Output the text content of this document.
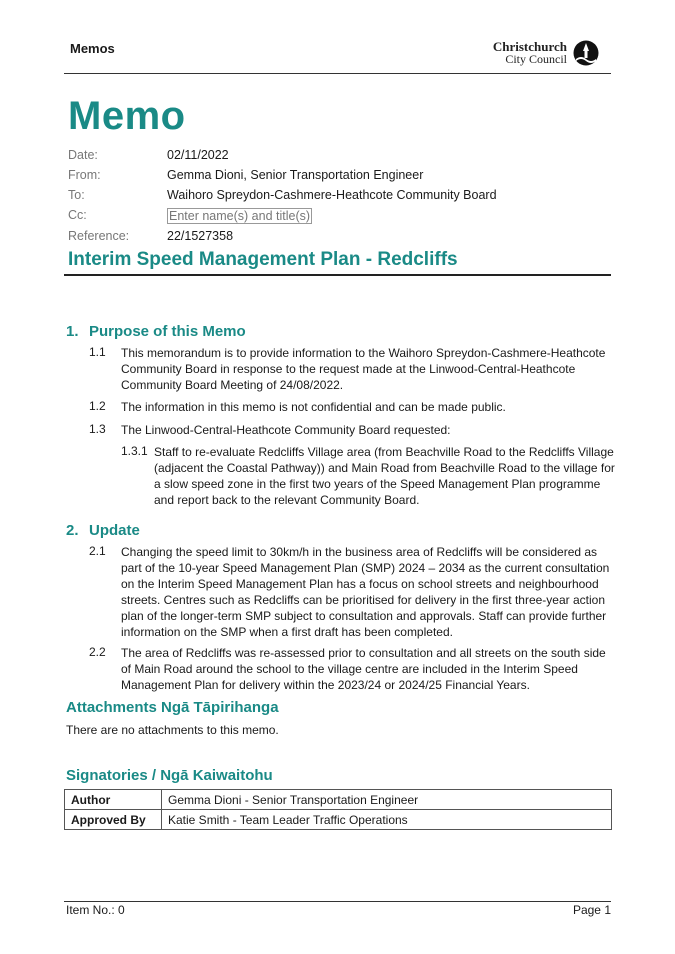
Memos	Christchurch
City Council
Memo
Date:	02/11/2022
From:	Gemma Dioni, Senior Transportation Engineer
To:	Waihoro Spreydon-Cashmere-Heathcote Community Board
Cc:	Enter name(s) and title(s)
Reference:	22/1527358
Interim Speed Management Plan - Redcliffs
1. Purpose of this Memo
1.1 This memorandum is to provide information to the Waihoro Spreydon-Cashmere-Heathcote Community Board in response to the request made at the Linwood-Central-Heathcote Community Board Meeting of 24/08/2022.
1.2 The information in this memo is not confidential and can be made public.
1.3 The Linwood-Central-Heathcote Community Board requested:
1.3.1 Staff to re-evaluate Redcliffs Village area (from Beachville Road to the Redcliffs Village (adjacent the Coastal Pathway)) and Main Road from Beachville Road to the village for a slow speed zone in the first two years of the Speed Management Plan programme and report back to the relevant Community Board.
2. Update
2.1 Changing the speed limit to 30km/h in the business area of Redcliffs will be considered as part of the 10-year Speed Management Plan (SMP) 2024 – 2034 as the current consultation on the Interim Speed Management Plan has a focus on school streets and neighbourhood streets. Centres such as Redcliffs can be prioritised for delivery in the first three-year action plan of the longer-term SMP subject to consultation and approvals. Staff can provide further information on the SMP when a first draft has been completed.
2.2 The area of Redcliffs was re-assessed prior to consultation and all streets on the south side of Main Road around the school to the village centre are included in the Interim Speed Management Plan for delivery within the 2023/24 or 2024/25 Financial Years.
Attachments Ngā Tāpirihanga
There are no attachments to this memo.
Signatories / Ngā Kaiwaitohu
Author	Gemma Dioni - Senior Transportation Engineer
Approved By	Katie Smith - Team Leader Traffic Operations
Item No.: 0	Page 1
